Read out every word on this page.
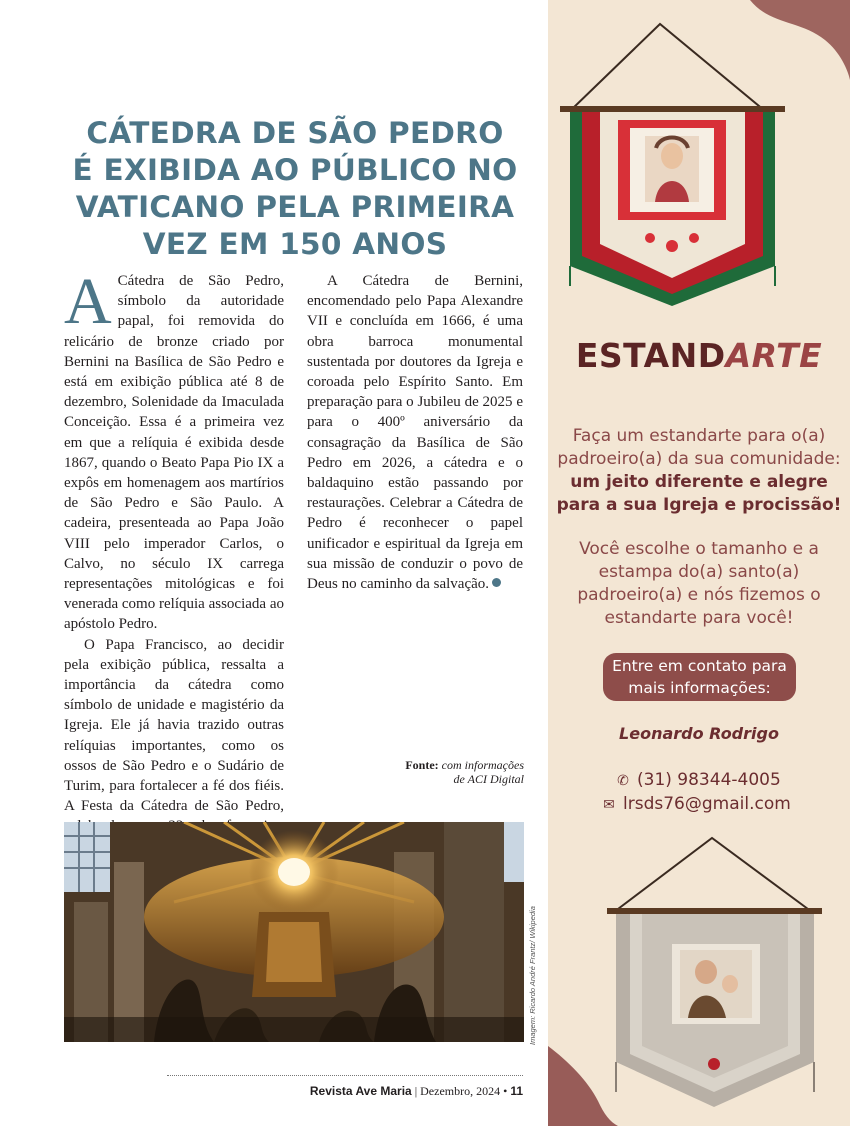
CÁTEDRA DE SÃO PEDRO
É EXIBIDA AO PÚBLICO NO
VATICANO PELA PRIMEIRA
VEZ EM 150 ANOS

A Cátedra de São Pedro, símbolo da autoridade papal, foi removida do relicário de bronze criado por Bernini na Basílica de São Pedro e está em exibição pública até 8 de dezembro, Solenidade da Imaculada Conceição. Essa é a primeira vez em que a relíquia é exibida desde 1867, quando o Beato Papa Pio IX a expôs em homenagem aos martírios de São Pedro e São Paulo. A cadeira, presenteada ao Papa João VIII pelo imperador Carlos, o Calvo, no século IX carrega representações mitológicas e foi venerada como relíquia associada ao apóstolo Pedro.

O Papa Francisco, ao decidir pela exibição pública, ressalta a importância da cátedra como símbolo de unidade e magistério da Igreja. Ele já havia trazido outras relíquias importantes, como os ossos de São Pedro e o Sudário de Turim, para fortalecer a fé dos fiéis. A Festa da Cátedra de São Pedro,

A Cátedra de Bernini, encomendado pelo Papa Alexandre VII e concluída em 1666, é uma obra barroca monumental sustentada por doutores da Igreja e coroada pelo Espírito Santo. Em preparação para o Jubileu de 2025 e para o 400º aniversário da consagração da Basílica de São Pedro em 2026, a cátedra e o baldaquino estão passando por restaurações. Celebrar a Cátedra de Pedro é reconhecer o papel unificador e espiritual da Igreja em sua missão de conduzir o povo de Deus no caminho da salvação.

Fonte: com informações
de ACI Digital
Imagem: Ricardo André Frantz/ Wikipedia
Revista Ave Maria | Dezembro, 2024 • 11
ESTANDARTE
Faça um estandarte para o(a)
padroeiro(a) da sua comunidade:
um jeito diferente e alegre
para a sua Igreja e procissão!
Você escolhe o tamanho e a
estampa do(a) santo(a)
padroeiro(a) e nós fizemos o
estandarte para você!
Entre em contato para
mais informações:
Leonardo Rodrigo
✆ (31) 98344-4005
✉ lrsds76@gmail.com
